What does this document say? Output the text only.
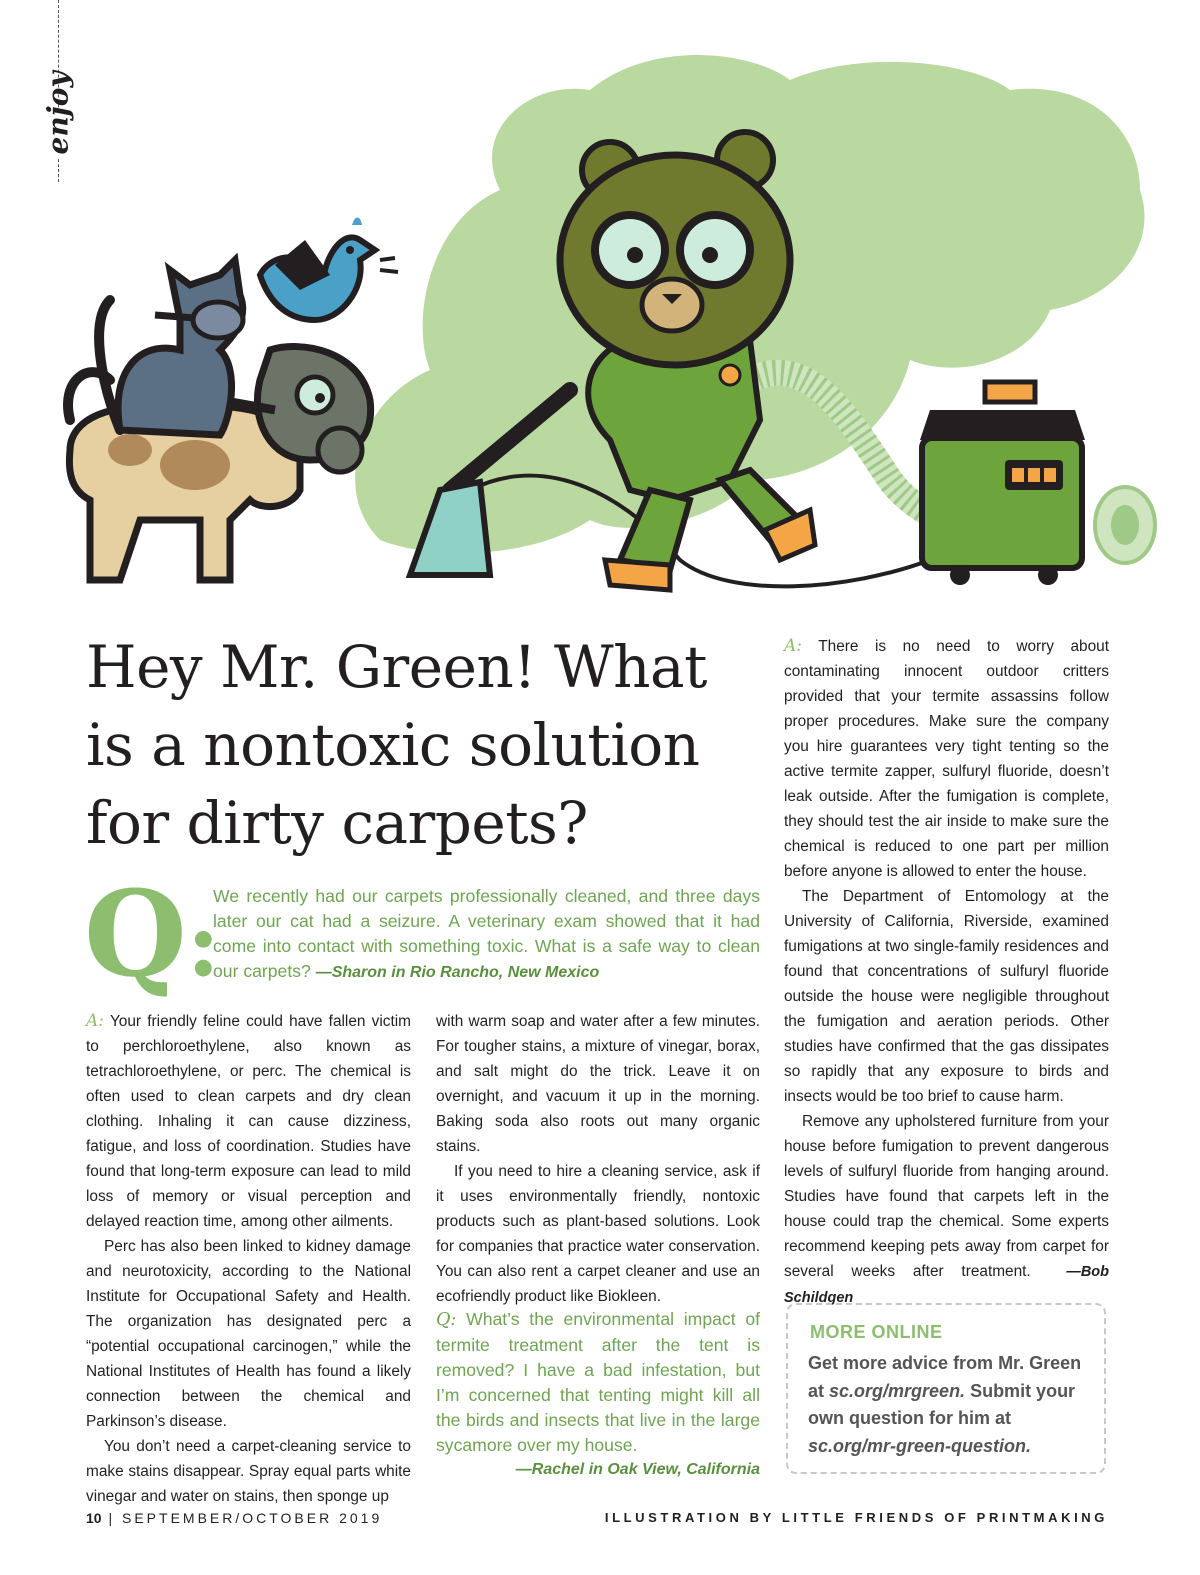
enjoy
Hey Mr. Green! What is a nontoxic solution for dirty carpets?
Q:

We recently had our carpets professionally cleaned, and three days later our cat had a seizure. A veterinary exam showed that it had come into contact with something toxic. What is a safe way to clean our carpets? —Sharon in Rio Rancho, New Mexico

A: Your friendly feline could have fallen victim to perchloroethylene, also known as tetrachloroethylene, or perc. The chemical is often used to clean carpets and dry clean clothing. Inhaling it can cause dizziness, fatigue, and loss of coordination. Studies have found that long-term exposure can lead to mild loss of memory or visual perception and delayed reaction time, among other ailments.

Perc has also been linked to kidney damage and neurotoxicity, according to the National Institute for Occupational Safety and Health. The organization has designated perc a “potential occupational carcinogen,” while the National Institutes of Health has found a likely connection between the chemical and Parkinson’s disease.

You don’t need a carpet-cleaning service to make stains disappear. Spray equal parts white vinegar and water on stains, then sponge up

with warm soap and water after a few minutes. For tougher stains, a mixture of vinegar, borax, and salt might do the trick. Leave it on overnight, and vacuum it up in the morning. Baking soda also roots out many organic stains.

If you need to hire a cleaning service, ask if it uses environmentally friendly, nontoxic products such as plant-based solutions. Look for companies that practice water conservation. You can also rent a carpet cleaner and use an ecofriendly product like Biokleen.

Q: What’s the environmental impact of termite treatment after the tent is removed? I have a bad infestation, but I’m concerned that tenting might kill all the birds and insects that live in the large sycamore over my house.

—Rachel in Oak View, California

A: There is no need to worry about contaminating innocent outdoor critters provided that your termite assassins follow proper procedures. Make sure the company you hire guarantees very tight tenting so the active termite zapper, sulfuryl fluoride, doesn’t leak outside. After the fumigation is complete, they should test the air inside to make sure the chemical is reduced to one part per million before anyone is allowed to enter the house.

The Department of Entomology at the University of California, Riverside, examined fumigations at two single-family residences and found that concentrations of sulfuryl fluoride outside the house were negligible throughout the fumigation and aeration periods. Other studies have confirmed that the gas dissipates so rapidly that any exposure to birds and insects would be too brief to cause harm.

Remove any upholstered furniture from your house before fumigation to prevent dangerous levels of sulfuryl fluoride from hanging around. Studies have found that carpets left in the house could trap the chemical. Some experts recommend keeping pets away from carpet for several weeks after treatment. —Bob Schildgen

MORE ONLINE
Get more advice from Mr. Green at sc.org/mrgreen. Submit your own question for him at sc.org/mr-green-question.
10 | SEPTEMBER/OCTOBER 2019	ILLUSTRATION BY LITTLE FRIENDS OF PRINTMAKING
